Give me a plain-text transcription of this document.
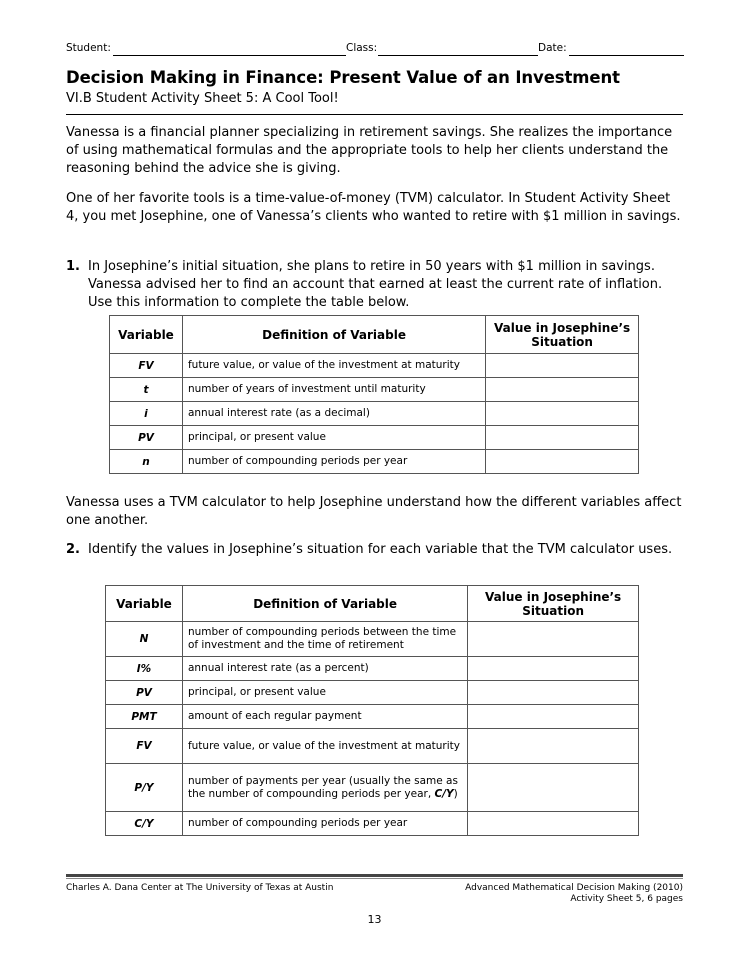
Student:	Class:	Date:
Decision Making in Finance: Present Value of an Investment
VI.B Student Activity Sheet 5: A Cool Tool!
Vanessa is a financial planner specializing in retirement savings. She realizes the importance of using mathematical formulas and the appropriate tools to help her clients understand the reasoning behind the advice she is giving.
One of her favorite tools is a time-value-of-money (TVM) calculator. In Student Activity Sheet 4, you met Josephine, one of Vanessa’s clients who wanted to retire with $1 million in savings.
1. In Josephine’s initial situation, she plans to retire in 50 years with $1 million in savings. Vanessa advised her to find an account that earned at least the current rate of inflation. Use this information to complete the table below.
Variable	Definition of Variable	Value in Josephine’s Situation
FV	future value, or value of the investment at maturity	
t	number of years of investment until maturity	
i	annual interest rate (as a decimal)	
PV	principal, or present value	
n	number of compounding periods per year	
Vanessa uses a TVM calculator to help Josephine understand how the different variables affect one another.
2. Identify the values in Josephine’s situation for each variable that the TVM calculator uses.
Variable	Definition of Variable	Value in Josephine’s Situation
N	number of compounding periods between the time of investment and the time of retirement	
I%	annual interest rate (as a percent)	
PV	principal, or present value	
PMT	amount of each regular payment	
FV	future value, or value of the investment at maturity	
P/Y	number of payments per year (usually the same as the number of compounding periods per year, C/Y)	
C/Y	number of compounding periods per year	
Charles A. Dana Center at The University of Texas at Austin	Advanced Mathematical Decision Making (2010)
Activity Sheet 5, 6 pages
13
